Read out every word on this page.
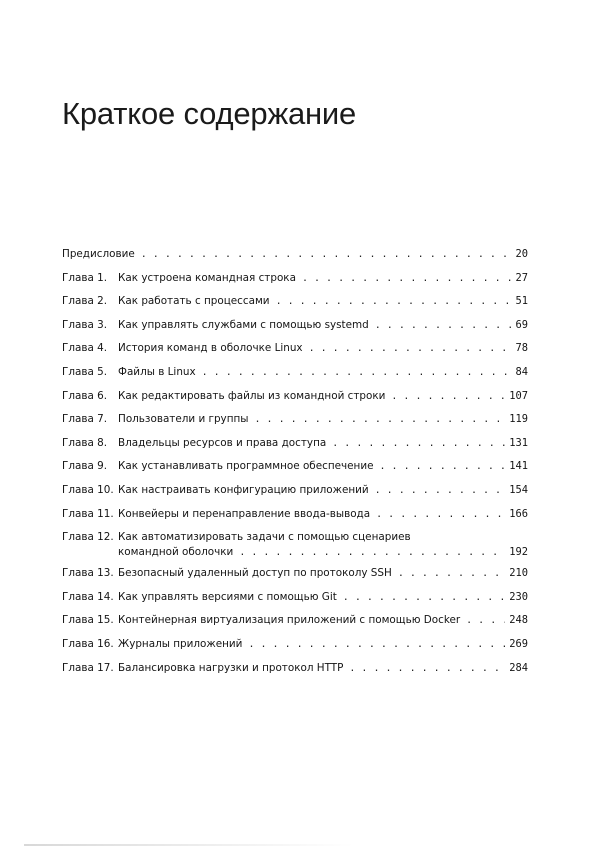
Краткое содержание
Предисловие . . .	20
Глава 1.	Как устроена командная строка . . .	27
Глава 2.	Как работать с процессами . . .	51
Глава 3.	Как управлять службами с помощью systemd . . .	69
Глава 4.	История команд в оболочке Linux . . .	78
Глава 5.	Файлы в Linux . . .	84
Глава 6.	Как редактировать файлы из командной строки . . .	107
Глава 7.	Пользователи и группы . . .	119
Глава 8.	Владельцы ресурсов и права доступа . . .	131
Глава 9.	Как устанавливать программное обеспечение . . .	141
Глава 10. Как настраивать конфигурацию приложений . . .	154
Глава 11. Конвейеры и перенаправление ввода-вывода . . .	166
Глава 12. Как автоматизировать задачи с помощью сценариев
командной оболочки . . .	192
Глава 13. Безопасный удаленный доступ по протоколу SSH . . .	210
Глава 14. Как управлять версиями с помощью Git . . .	230
Глава 15. Контейнерная виртуализация приложений с помощью Docker . . .	248
Глава 16. Журналы приложений . . .	269
Глава 17. Балансировка нагрузки и протокол HTTP . . .	284
